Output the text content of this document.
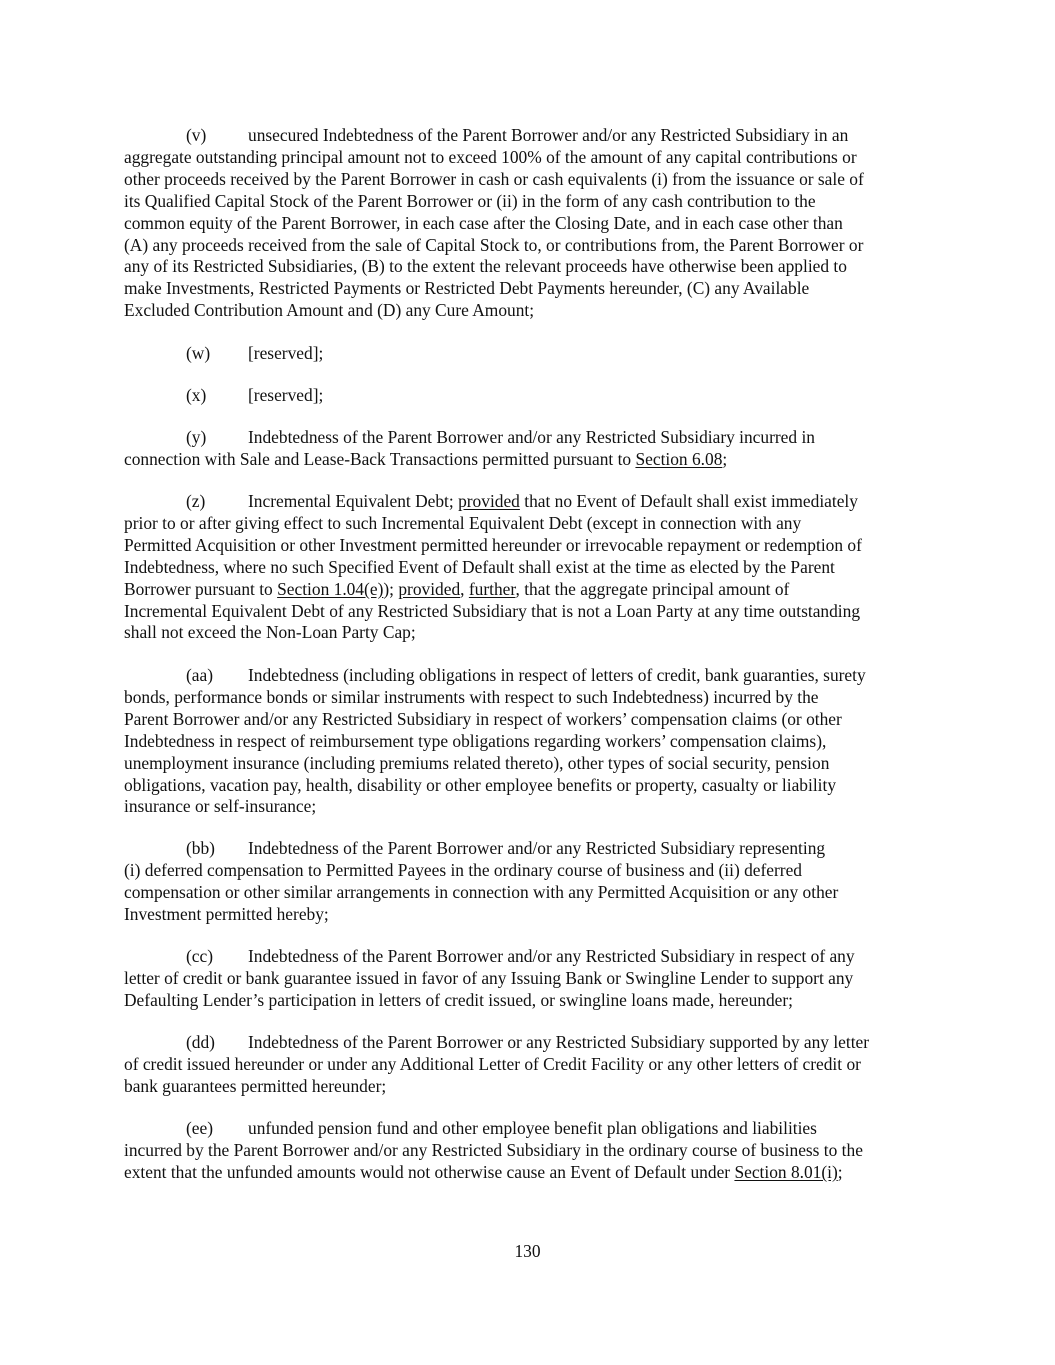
(v) unsecured Indebtedness of the Parent Borrower and/or any Restricted Subsidiary in an
aggregate outstanding principal amount not to exceed 100% of the amount of any capital contributions or
other proceeds received by the Parent Borrower in cash or cash equivalents (i) from the issuance or sale of
its Qualified Capital Stock of the Parent Borrower or (ii) in the form of any cash contribution to the
common equity of the Parent Borrower, in each case after the Closing Date, and in each case other than
(A) any proceeds received from the sale of Capital Stock to, or contributions from, the Parent Borrower or
any of its Restricted Subsidiaries, (B) to the extent the relevant proceeds have otherwise been applied to
make Investments, Restricted Payments or Restricted Debt Payments hereunder, (C) any Available
Excluded Contribution Amount and (D) any Cure Amount;
(w) [reserved];
(x) [reserved];
(y) Indebtedness of the Parent Borrower and/or any Restricted Subsidiary incurred in
connection with Sale and Lease-Back Transactions permitted pursuant to Section 6.08;
(z) Incremental Equivalent Debt; provided that no Event of Default shall exist immediately
prior to or after giving effect to such Incremental Equivalent Debt (except in connection with any
Permitted Acquisition or other Investment permitted hereunder or irrevocable repayment or redemption of
Indebtedness, where no such Specified Event of Default shall exist at the time as elected by the Parent
Borrower pursuant to Section 1.04(e)); provided, further, that the aggregate principal amount of
Incremental Equivalent Debt of any Restricted Subsidiary that is not a Loan Party at any time outstanding
shall not exceed the Non-Loan Party Cap;
(aa) Indebtedness (including obligations in respect of letters of credit, bank guaranties, surety
bonds, performance bonds or similar instruments with respect to such Indebtedness) incurred by the
Parent Borrower and/or any Restricted Subsidiary in respect of workers’ compensation claims (or other
Indebtedness in respect of reimbursement type obligations regarding workers’ compensation claims),
unemployment insurance (including premiums related thereto), other types of social security, pension
obligations, vacation pay, health, disability or other employee benefits or property, casualty or liability
insurance or self-insurance;
(bb) Indebtedness of the Parent Borrower and/or any Restricted Subsidiary representing
(i) deferred compensation to Permitted Payees in the ordinary course of business and (ii) deferred
compensation or other similar arrangements in connection with any Permitted Acquisition or any other
Investment permitted hereby;
(cc) Indebtedness of the Parent Borrower and/or any Restricted Subsidiary in respect of any
letter of credit or bank guarantee issued in favor of any Issuing Bank or Swingline Lender to support any
Defaulting Lender’s participation in letters of credit issued, or swingline loans made, hereunder;
(dd) Indebtedness of the Parent Borrower or any Restricted Subsidiary supported by any letter
of credit issued hereunder or under any Additional Letter of Credit Facility or any other letters of credit or
bank guarantees permitted hereunder;
(ee) unfunded pension fund and other employee benefit plan obligations and liabilities
incurred by the Parent Borrower and/or any Restricted Subsidiary in the ordinary course of business to the
extent that the unfunded amounts would not otherwise cause an Event of Default under Section 8.01(i);
130
